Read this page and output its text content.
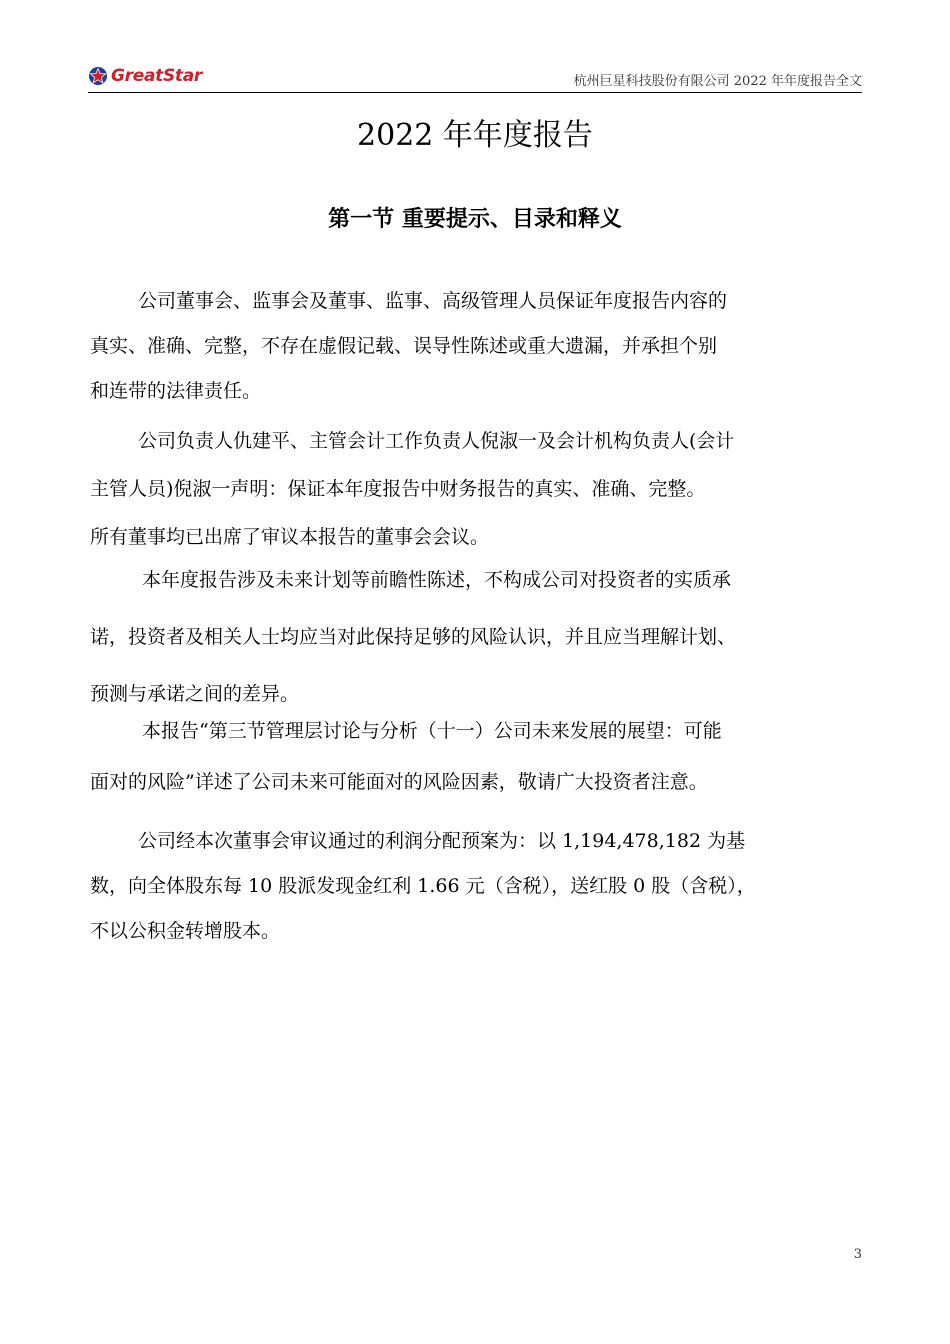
GreatStar	杭州巨星科技股份有限公司 2022 年年度报告全文
2022 年年度报告
第一节 重要提示、目录和释义

公司董事会、监事会及董事、监事、高级管理人员保证年度报告内容的
真实、准确、完整，不存在虚假记载、误导性陈述或重大遗漏，并承担个别
和连带的法律责任。

公司负责人仇建平、主管会计工作负责人倪淑一及会计机构负责人(会计
主管人员)倪淑一声明：保证本年度报告中财务报告的真实、准确、完整。
所有董事均已出席了审议本报告的董事会会议。

本年度报告涉及未来计划等前瞻性陈述，不构成公司对投资者的实质承
诺，投资者及相关人士均应当对此保持足够的风险认识，并且应当理解计划、
预测与承诺之间的差异。

本报告“第三节管理层讨论与分析（十一）公司未来发展的展望：可能
面对的风险”详述了公司未来可能面对的风险因素，敬请广大投资者注意。

公司经本次董事会审议通过的利润分配预案为：以 1,194,478,182 为基
数，向全体股东每 10 股派发现金红利 1.66 元（含税），送红股 0 股（含税），
不以公积金转增股本。

3
